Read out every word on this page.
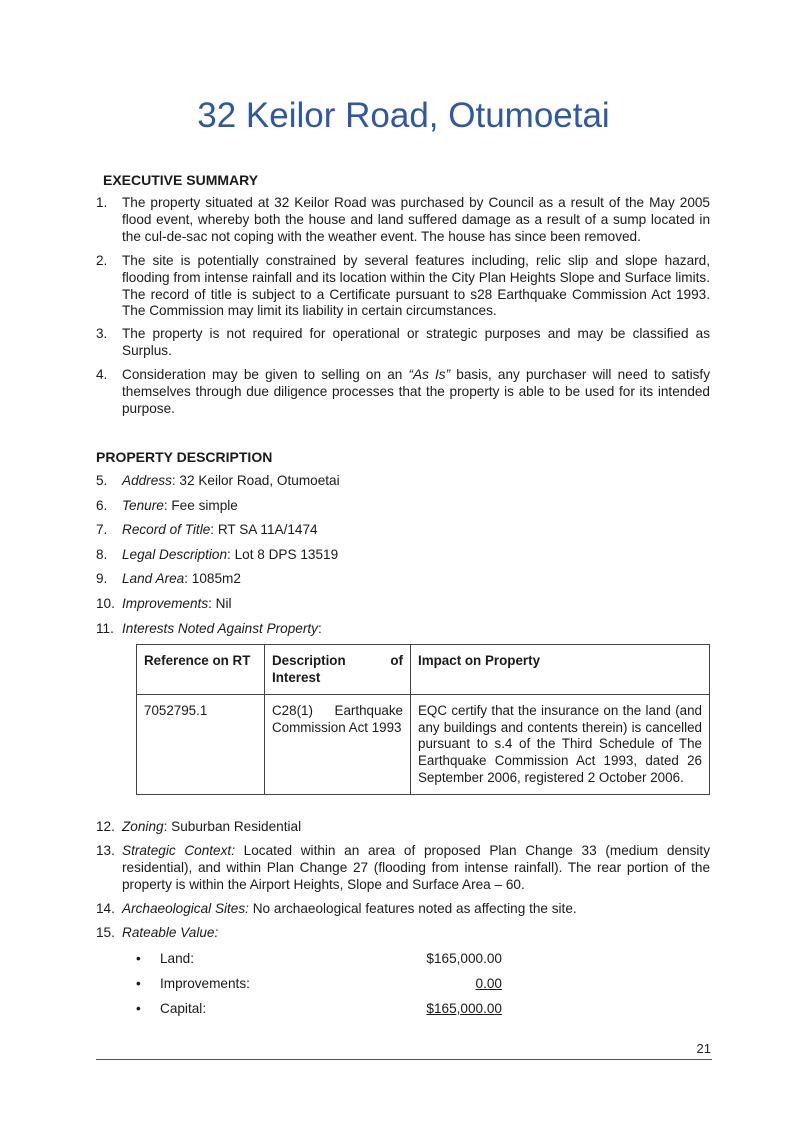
32 Keilor Road, Otumoetai
EXECUTIVE SUMMARY
1.	The property situated at 32 Keilor Road was purchased by Council as a result of the May 2005 flood event, whereby both the house and land suffered damage as a result of a sump located in the cul-de-sac not coping with the weather event. The house has since been removed.
2.	The site is potentially constrained by several features including, relic slip and slope hazard, flooding from intense rainfall and its location within the City Plan Heights Slope and Surface limits. The record of title is subject to a Certificate pursuant to s28 Earthquake Commission Act 1993. The Commission may limit its liability in certain circumstances.
3.	The property is not required for operational or strategic purposes and may be classified as Surplus.
4.	Consideration may be given to selling on an “As Is” basis, any purchaser will need to satisfy themselves through due diligence processes that the property is able to be used for its intended purpose.
PROPERTY DESCRIPTION
5.	Address: 32 Keilor Road, Otumoetai
6.	Tenure: Fee simple
7.	Record of Title: RT SA 11A/1474
8.	Legal Description: Lot 8 DPS 13519
9.	Land Area: 1085m2
10. Improvements: Nil
11. Interests Noted Against Property:
Reference on RT	Description of Interest	Impact on Property
7052795.1	C28(1) Earthquake Commission Act 1993	EQC certify that the insurance on the land (and any buildings and contents therein) is cancelled pursuant to s.4 of the Third Schedule of The Earthquake Commission Act 1993, dated 26 September 2006, registered 2 October 2006.
12. Zoning: Suburban Residential
13. Strategic Context: Located within an area of proposed Plan Change 33 (medium density residential), and within Plan Change 27 (flooding from intense rainfall). The rear portion of the property is within the Airport Heights, Slope and Surface Area – 60.
14. Archaeological Sites: No archaeological features noted as affecting the site.
15. Rateable Value:
• Land:	$165,000.00
• Improvements:	0.00
• Capital:	$165,000.00
21
